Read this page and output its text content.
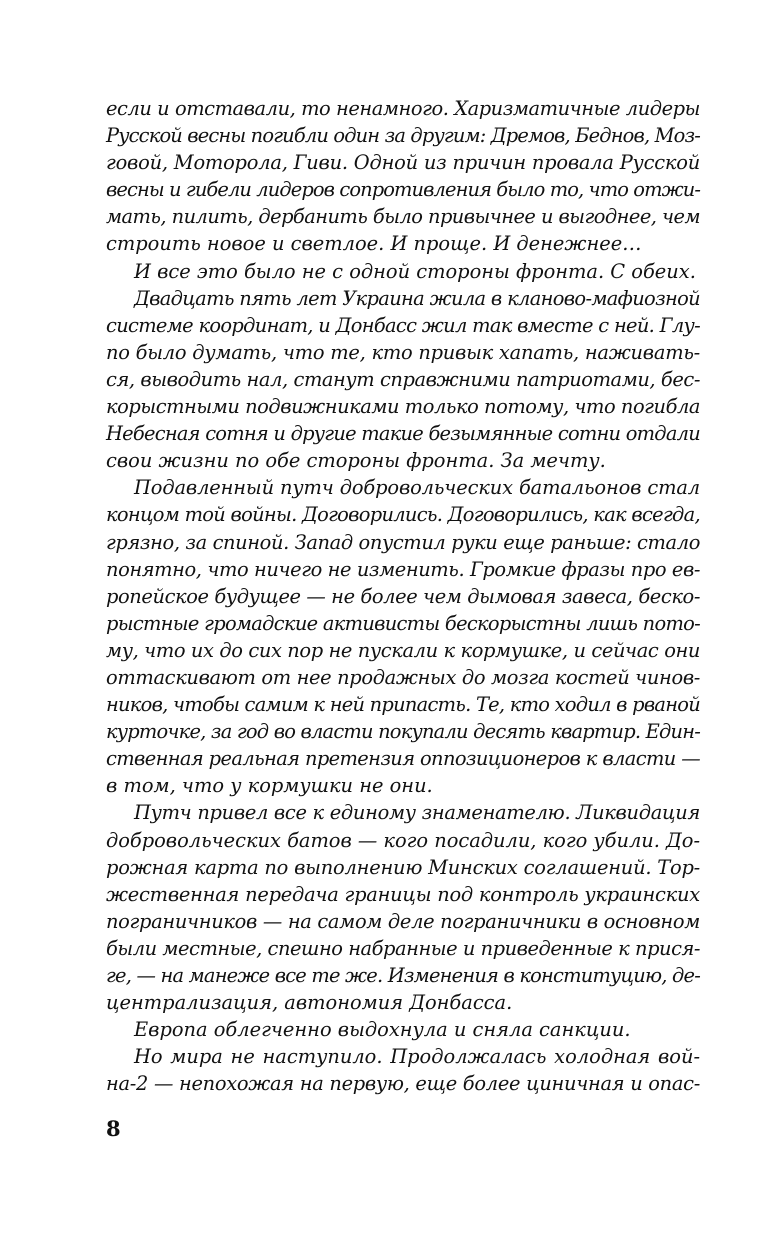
если и отставали, то ненамного. Харизматичные лидеры
Русской весны погибли один за другим: Дремов, Беднов, Моз-
говой, Моторола, Гиви. Одной из причин провала Русской
весны и гибели лидеров сопротивления было то, что отжи-
мать, пилить, дербанить было привычнее и выгоднее, чем
строить новое и светлое. И проще. И денежнее…
И все это было не с одной стороны фронта. С обеих.
Двадцать пять лет Украина жила в кланово-мафиозной
системе координат, и Донбасс жил так вместе с ней. Глу-
по было думать, что те, кто привык хапать, наживать-
ся, выводить нал, станут справжними патриотами, бес-
корыстными подвижниками только потому, что погибла
Небесная сотня и другие такие безымянные сотни отдали
свои жизни по обе стороны фронта. За мечту.
Подавленный путч добровольческих батальонов стал
концом той войны. Договорились. Договорились, как всегда,
грязно, за спиной. Запад опустил руки еще раньше: стало
понятно, что ничего не изменить. Громкие фразы про ев-
ропейское будущее — не более чем дымовая завеса, беско-
рыстные громадские активисты бескорыстны лишь пото-
му, что их до сих пор не пускали к кормушке, и сейчас они
оттаскивают от нее продажных до мозга костей чинов-
ников, чтобы самим к ней припасть. Те, кто ходил в рваной
курточке, за год во власти покупали десять квартир. Един-
ственная реальная претензия оппозиционеров к власти —
в том, что у кормушки не они.
Путч привел все к единому знаменателю. Ликвидация
добровольческих батов — кого посадили, кого убили. До-
рожная карта по выполнению Минских соглашений. Тор-
жественная передача границы под контроль украинских
пограничников — на самом деле пограничники в основном
были местные, спешно набранные и приведенные к прися-
ге, — на манеже все те же. Изменения в конституцию, де-
централизация, автономия Донбасса.
Европа облегченно выдохнула и сняла санкции.
Но мира не наступило. Продолжалась холодная вой-
на-2 — непохожая на первую, еще более циничная и опас-
8
